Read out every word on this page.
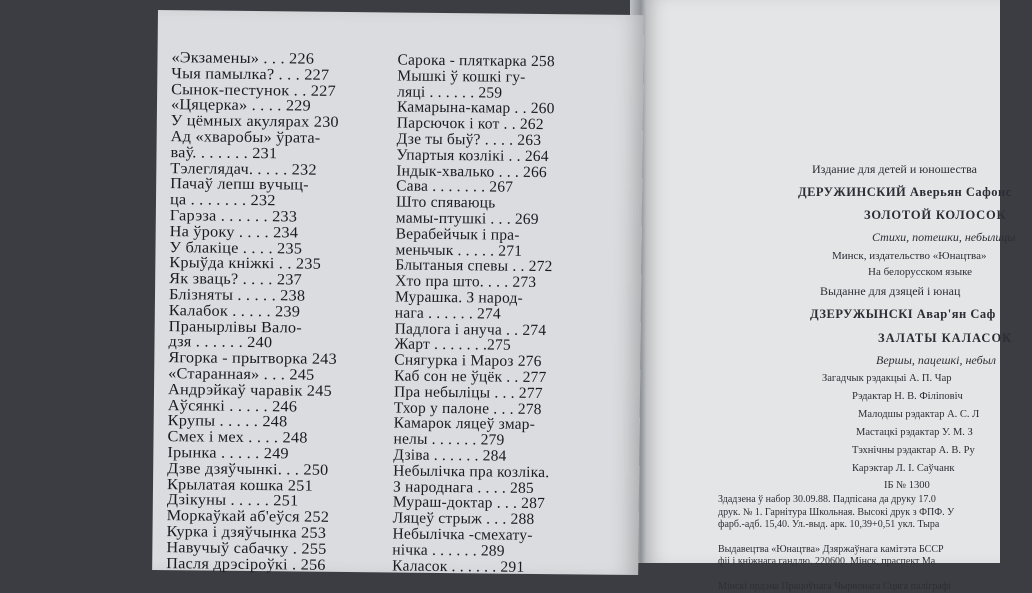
«Экзамены» . . . 226
Чыя памылка? . . . 227
Сынок-пестунок . . 227
«Цяцерка» . . . . 229
У цёмных акулярах 230
Ад «хваробы» ўрата-
ваў. . . . . . . 231
Тэлеглядач. . . . . 232
Пачаў лепш вучыц-
ца . . . . . . . 232
Гарэза . . . . . . 233
На ўроку . . . . 234
У блакіце . . . . 235
Крыўда кніжкі . . 235
Як зваць? . . . . 237
Блізняты . . . . . 238
Калабок . . . . . 239
Пранырлівы Вало-
дзя . . . . . . 240
Ягорка - прытворка 243
«Старанная» . . . 245
Андрэйкаў чаравік 245
Аўсянкі . . . . . 246
Крупы . . . . . 248
Смех і мех . . . . 248
Ірынка . . . . . 249
Дзве дзяўчынкі. . . 250
Крылатая кошка 251
Дзікуны . . . . . 251
Моркаўкай аб'еўся 252
Курка і дзяўчынка 253
Навучыў сабачку . 255
Пасля дрэсіроўкі . 256
Сарока - пляткарка 258
Мышкі ў кошкі гу-
ляці . . . . . . 259
Камарына-камар . . 260
Парсючок і кот . . 262
Дзе ты быў? . . . . 263
Упартыя козлікі . . 264
Індык-хвалько . . . 266
Сава . . . . . . . 267
Што спяваюць
мамы-птушкі . . . 269
Верабейчык і пра-
меньчык . . . . . 271
Блытаныя спевы . . 272
Хто пра што. . . . 273
Мурашка. З народ-
нага . . . . . . 274
Падлога і ануча . . 274
Жарт . . . . . . .275
Снягурка і Мароз 276
Каб сон не ўцёк . . 277
Пра небыліцы . . . 277
Тхор у палоне . . . 278
Камарок ляцеў змар-
нелы . . . . . . 279
Дзіва . . . . . . 284
Небылічка пра козліка.
З народнага . . . . 285
Мураш-доктар . . . 287
Ляцеў стрыж . . . 288
Небылічка -смехату-
нічка . . . . . . 289
Каласок . . . . . . 291
Издание для детей и юношества
ДЕРУЖИНСКИЙ Аверьян Сафонс
ЗОЛОТОЙ КОЛОСОК
Стихи, потешки, небылицы
Минск, издательство «Юнацтва»
На белорусском языке
Выданне для дзяцей і юнац
ДЗЕРУЖЫНСКІ Авар'ян Саф
ЗАЛАТЫ КАЛАСОК
Вершы, пацешкі, небыл
Загадчык рэдакцыі А. П. Чар
Рэдактар Н. В. Філіповіч
Малодшы рэдактар А. С. Л
Мастацкі рэдактар У. М. З
Тэхнічны рэдактар А. В. Ру
Карэктар Л. І. Саўчанк
ІБ № 1300
Здадзена ў набор 30.09.88. Падпісана да друку 17.0
друк. № 1. Гарнітура Школьная. Высокі друк з ФПФ. У
фарб.-адб. 15,40. Ул.-выд. арк. 10,39+0,51 укл. Тыра
Выдавецтва «Юнацтва» Дзяржаўнага камітэта БССР
фіі і кніжнага гандлю. 220600, Мінск, праспект Ма
Мінскі ордэна Працоўнага Чырвонага Сцяга паліграфі
